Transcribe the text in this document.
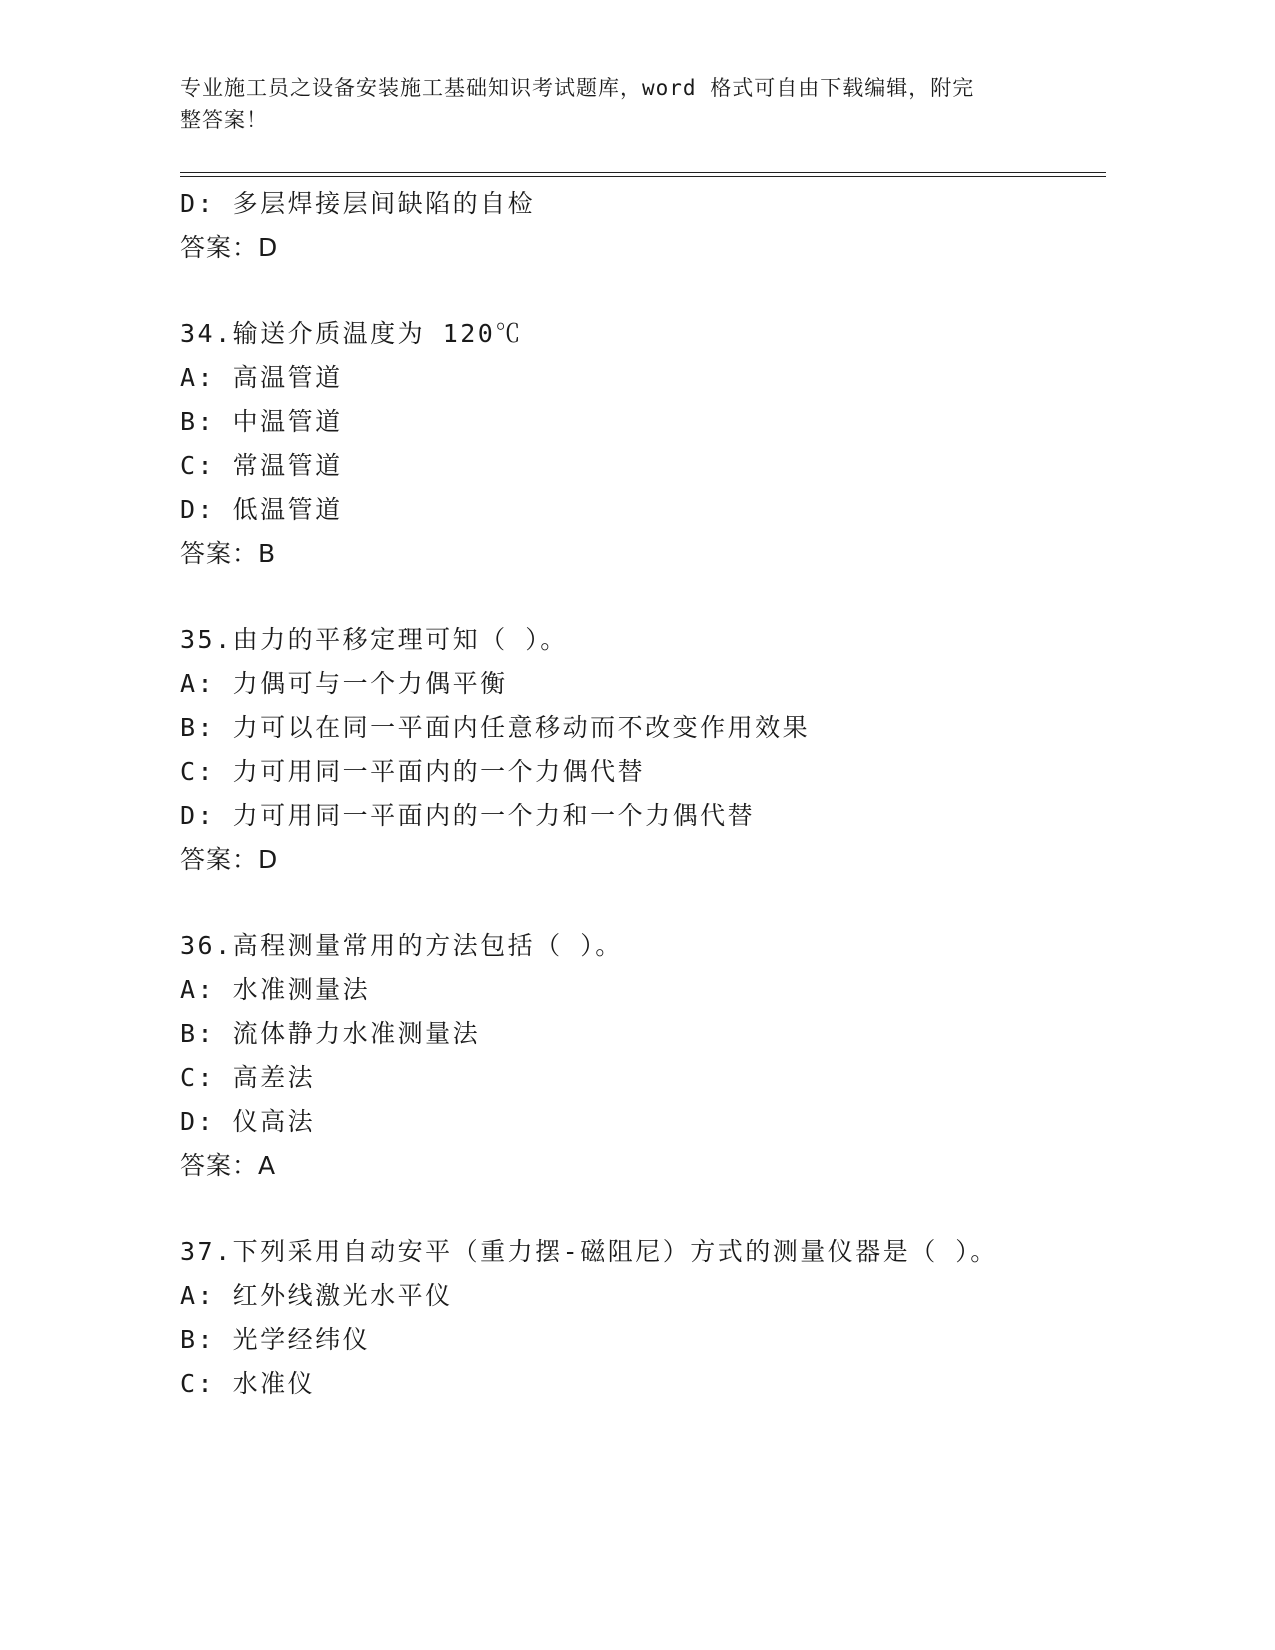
专业施工员之设备安装施工基础知识考试题库，word 格式可自由下载编辑，附完
整答案！
D: 多层焊接层间缺陷的自检
答案：D
34.输送介质温度为 120℃
A: 高温管道
B: 中温管道
C: 常温管道
D: 低温管道
答案：B
35.由力的平移定理可知（ ）。
A: 力偶可与一个力偶平衡
B: 力可以在同一平面内任意移动而不改变作用效果
C: 力可用同一平面内的一个力偶代替
D: 力可用同一平面内的一个力和一个力偶代替
答案：D
36.高程测量常用的方法包括（ ）。
A: 水准测量法
B: 流体静力水准测量法
C: 高差法
D: 仪高法
答案：A
37.下列采用自动安平（重力摆-磁阻尼）方式的测量仪器是（ ）。
A: 红外线激光水平仪
B: 光学经纬仪
C: 水准仪
